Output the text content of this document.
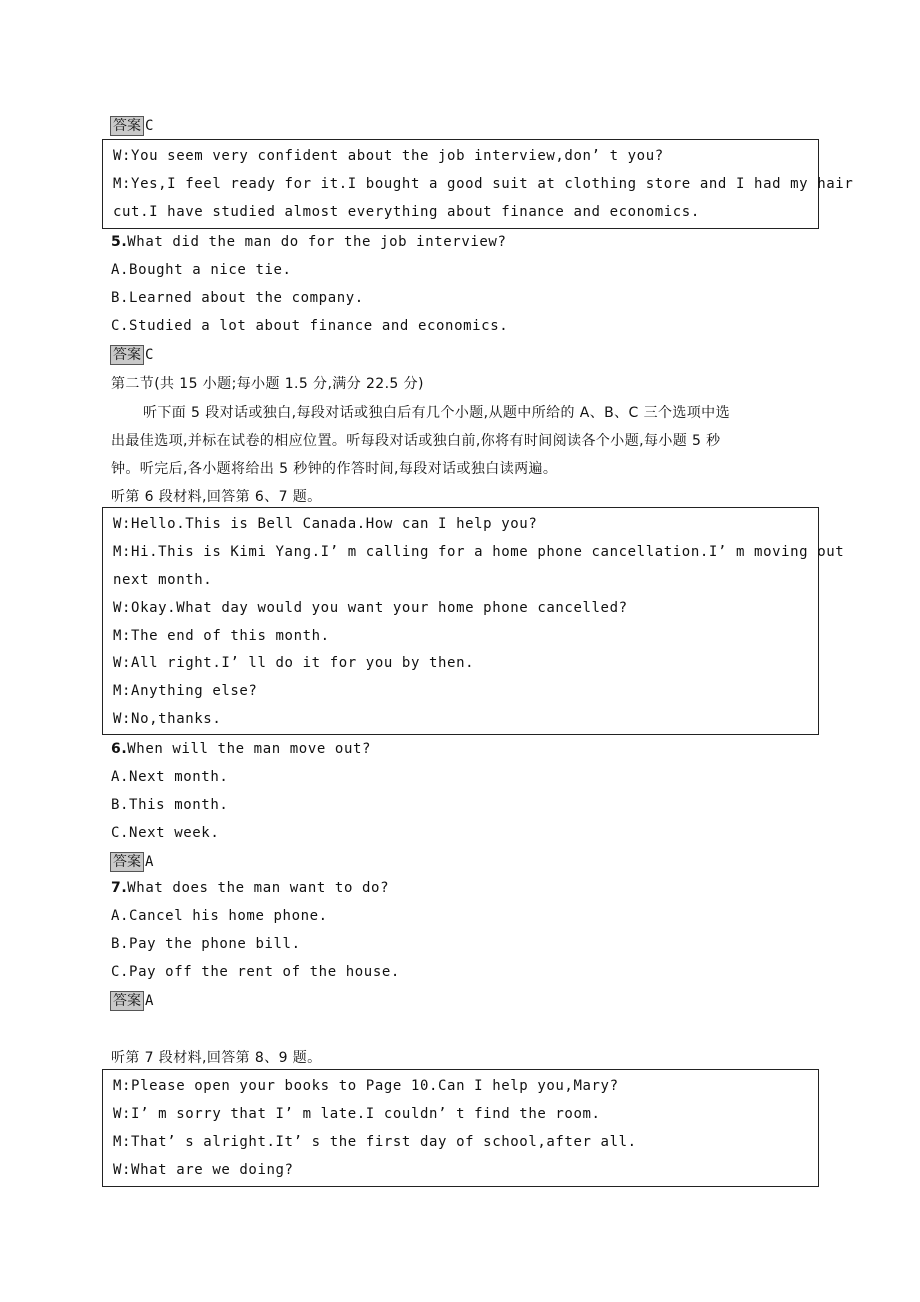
答案 C
W:You seem very confident about the job interview,don’ t you?
M:Yes,I feel ready for it.I bought a good suit at clothing store and I had my hair
cut.I have studied almost everything about finance and economics.
5.What did the man do for the job interview?
A.Bought a nice tie.
B.Learned about the company.
C.Studied a lot about finance and economics.
答案 C
第二节(共 15 小题;每小题 1.5 分,满分 22.5 分)
听下面 5 段对话或独白,每段对话或独白后有几个小题,从题中所给的 A、B、C 三个选项中选
出最佳选项,并标在试卷的相应位置。听每段对话或独白前,你将有时间阅读各个小题,每小题 5 秒
钟。听完后,各小题将给出 5 秒钟的作答时间,每段对话或独白读两遍。
听第 6 段材料,回答第 6、7 题。
W:Hello.This is Bell Canada.How can I help you?
M:Hi.This is Kimi Yang.I’ m calling for a home phone cancellation.I’ m moving out
next month.
W:Okay.What day would you want your home phone cancelled?
M:The end of this month.
W:All right.I’ ll do it for you by then.
M:Anything else?
W:No,thanks.
6.When will the man move out?
A.Next month.
B.This month.
C.Next week.
答案 A
7.What does the man want to do?
A.Cancel his home phone.
B.Pay the phone bill.
C.Pay off the rent of the house.
答案 A
听第 7 段材料,回答第 8、9 题。
M:Please open your books to Page 10.Can I help you,Mary?
W:I’ m sorry that I’ m late.I couldn’ t find the room.
M:That’ s alright.It’ s the first day of school,after all.
W:What are we doing?
